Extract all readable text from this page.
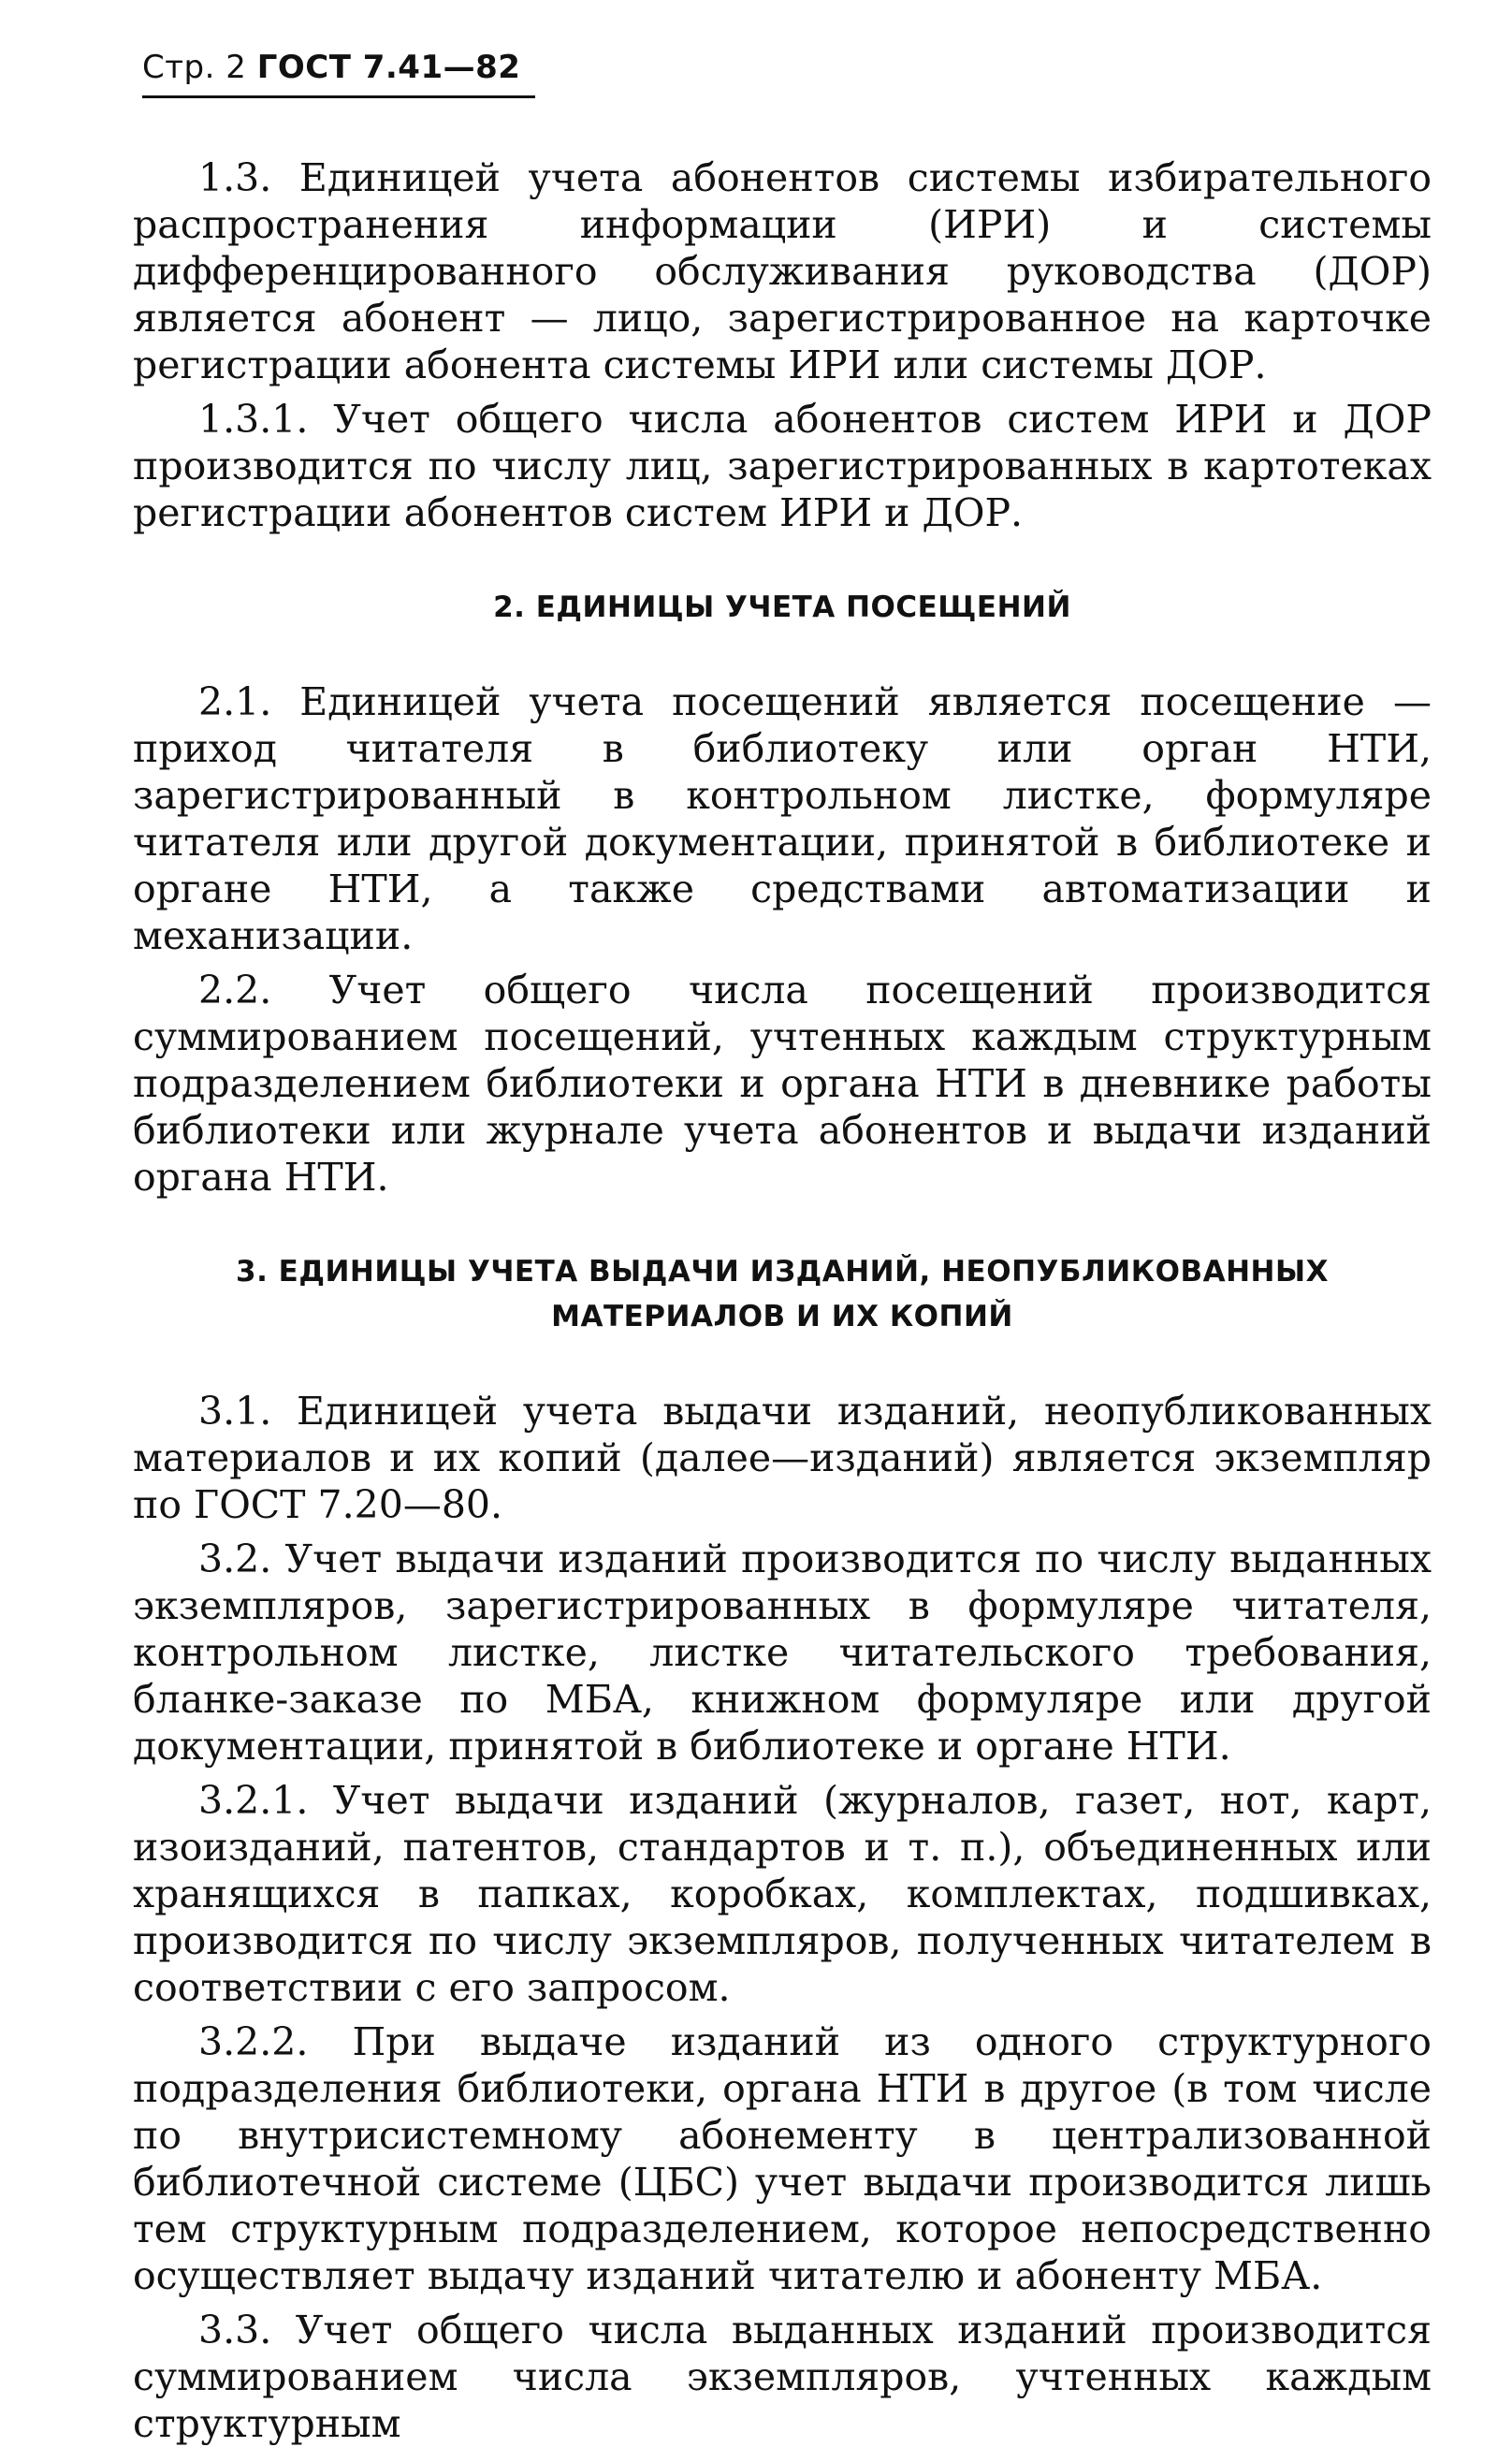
Стр. 2 ГОСТ 7.41—82

1.3. Единицей учета абонентов системы избирательного распространения информации (ИРИ) и системы дифференцированного обслуживания руководства (ДОР) является абонент — лицо, зарегистрированное на карточке регистрации абонента системы ИРИ или системы ДОР.

1.3.1. Учет общего числа абонентов систем ИРИ и ДОР производится по числу лиц, зарегистрированных в картотеках регистрации абонентов систем ИРИ и ДОР.

2. ЕДИНИЦЫ УЧЕТА ПОСЕЩЕНИЙ

2.1. Единицей учета посещений является посещение — приход читателя в библиотеку или орган НТИ, зарегистрированный в контрольном листке, формуляре читателя или другой документации, принятой в библиотеке и органе НТИ, а также средствами автоматизации и механизации.

2.2. Учет общего числа посещений производится суммированием посещений, учтенных каждым структурным подразделением библиотеки и органа НТИ в дневнике работы библиотеки или журнале учета абонентов и выдачи изданий органа НТИ.

3. ЕДИНИЦЫ УЧЕТА ВЫДАЧИ ИЗДАНИЙ, НЕОПУБЛИКОВАННЫХ
МАТЕРИАЛОВ И ИХ КОПИЙ

3.1. Единицей учета выдачи изданий, неопубликованных материалов и их копий (далее—изданий) является экземпляр по ГОСТ 7.20—80.

3.2. Учет выдачи изданий производится по числу выданных экземпляров, зарегистрированных в формуляре читателя, контрольном листке, листке читательского требования, бланке-заказе по МБА, книжном формуляре или другой документации, принятой в библиотеке и органе НТИ.

3.2.1. Учет выдачи изданий (журналов, газет, нот, карт, изоизданий, патентов, стандартов и т. п.), объединенных или хранящихся в папках, коробках, комплектах, подшивках, производится по числу экземпляров, полученных читателем в соответствии с его запросом.

3.2.2. При выдаче изданий из одного структурного подразделения библиотеки, органа НТИ в другое (в том числе по внутрисистемному абонементу в централизованной библиотечной системе (ЦБС) учет выдачи производится лишь тем структурным подразделением, которое непосредственно осуществляет выдачу изданий читателю и абоненту МБА.

3.3. Учет общего числа выданных изданий производится суммированием числа экземпляров, учтенных каждым структурным
